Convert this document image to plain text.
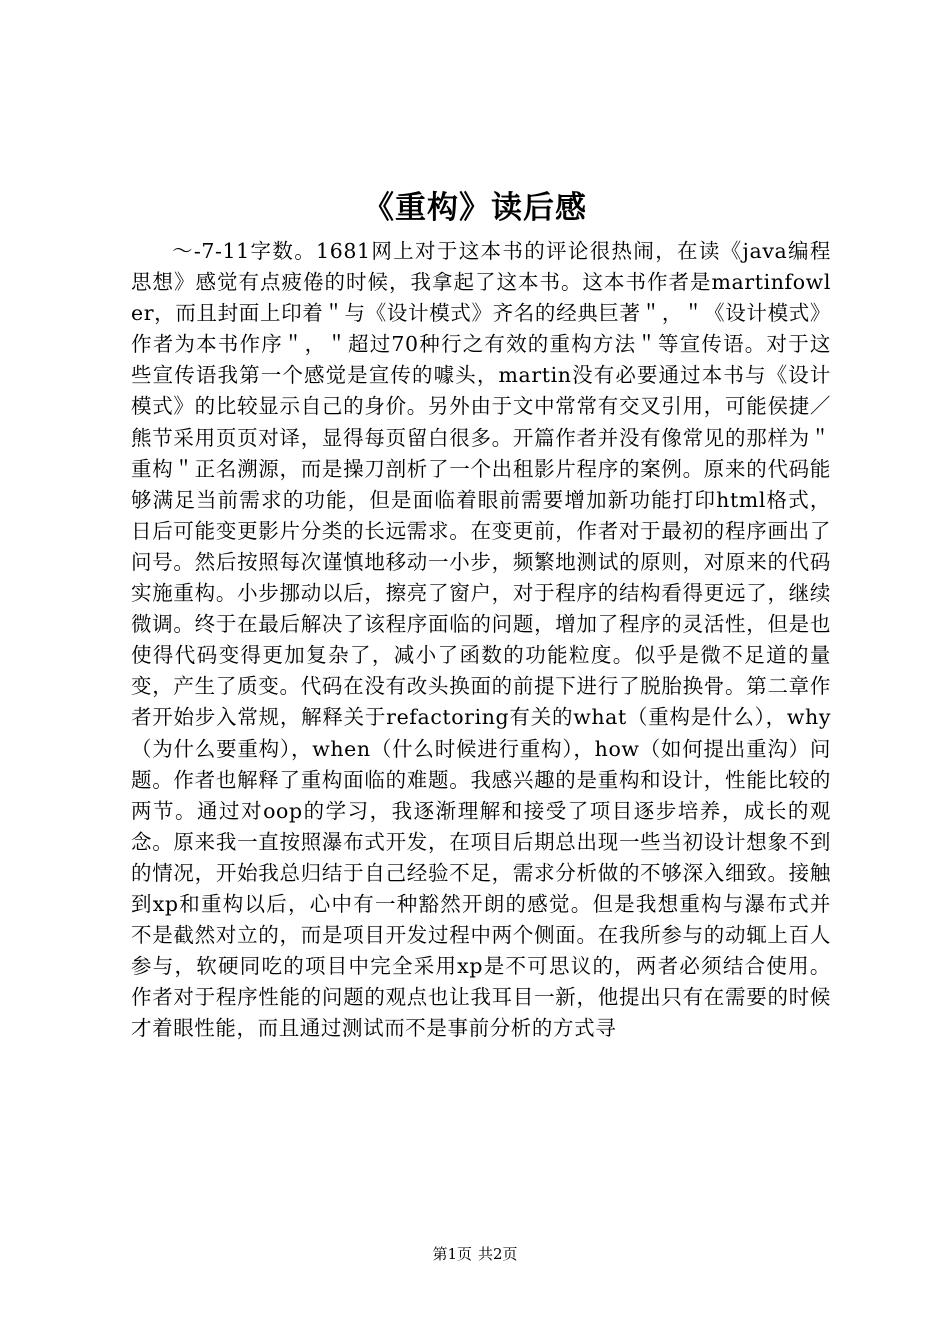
《重构》读后感

～-7-11字数。1681网上对于这本书的评论很热闹，在读《java编程思想》感觉有点疲倦的时候，我拿起了这本书。这本书作者是martinfowler，而且封面上印着＂与《设计模式》齐名的经典巨著＂，＂《设计模式》作者为本书作序＂，＂超过70种行之有效的重构方法＂等宣传语。对于这些宣传语我第一个感觉是宣传的噱头，martin没有必要通过本书与《设计模式》的比较显示自己的身价。另外由于文中常常有交叉引用，可能侯捷／熊节采用页页对译，显得每页留白很多。开篇作者并没有像常见的那样为＂重构＂正名溯源，而是操刀剖析了一个出租影片程序的案例。原来的代码能够满足当前需求的功能，但是面临着眼前需要增加新功能打印html格式，日后可能变更影片分类的长远需求。在变更前，作者对于最初的程序画出了问号。然后按照每次谨慎地移动一小步，频繁地测试的原则，对原来的代码实施重构。小步挪动以后，擦亮了窗户，对于程序的结构看得更远了，继续微调。终于在最后解决了该程序面临的问题，增加了程序的灵活性，但是也使得代码变得更加复杂了，减小了函数的功能粒度。似乎是微不足道的量变，产生了质变。代码在没有改头换面的前提下进行了脱胎换骨。第二章作者开始步入常规，解释关于refactoring有关的what（重构是什么），why（为什么要重构），when（什么时候进行重构），how（如何提出重沟）问题。作者也解释了重构面临的难题。我感兴趣的是重构和设计，性能比较的两节。通过对oop的学习，我逐渐理解和接受了项目逐步培养，成长的观念。原来我一直按照瀑布式开发，在项目后期总出现一些当初设计想象不到的情况，开始我总归结于自己经验不足，需求分析做的不够深入细致。接触到xp和重构以后，心中有一种豁然开朗的感觉。但是我想重构与瀑布式并不是截然对立的，而是项目开发过程中两个侧面。在我所参与的动辄上百人参与，软硬同吃的项目中完全采用xp是不可思议的，两者必须结合使用。作者对于程序性能的问题的观点也让我耳目一新，他提出只有在需要的时候才着眼性能，而且通过测试而不是事前分析的方式寻

第1页 共2页
